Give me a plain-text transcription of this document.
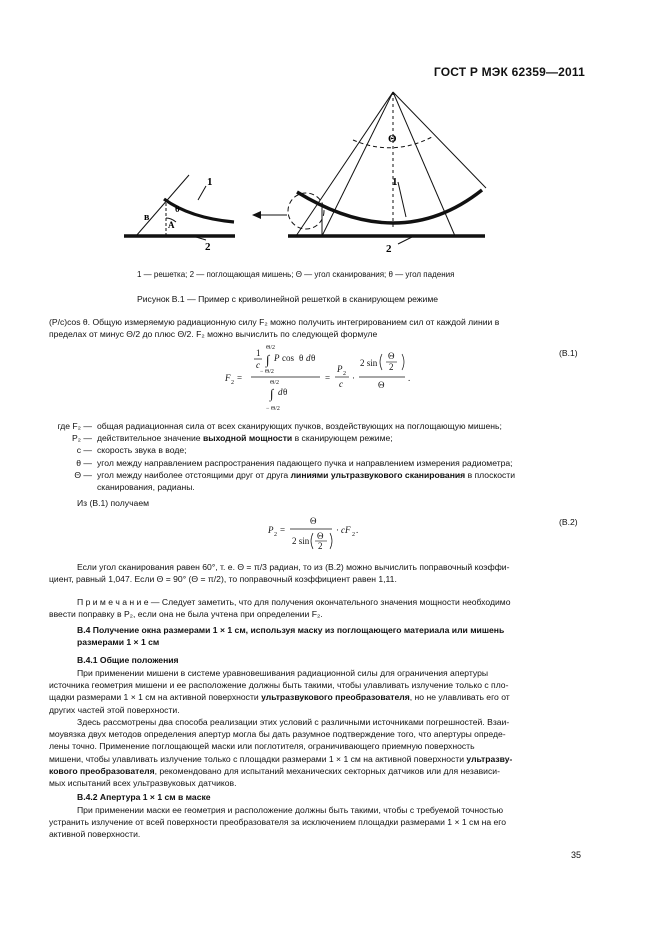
ГОСТ Р МЭК 62359—2011
1
2
в
А
θ
Θ
1
2
1 — решетка; 2 — поглощающая мишень; Θ — угол сканирования; θ — угол падения
Рисунок В.1 — Пример с криволинейной решеткой в сканирующем режиме
(P/c)cos θ. Общую измеряемую радиационную силу F₂ можно получить интегрированием сил от каждой линии в
пределах от минус Θ/2 до плюс Θ/2. F₂ можно вычислить по следующей формуле
F 2 =
1
c
Θ/2
∫ P cos θ d θ
− Θ/2
Θ/2
∫ d θ
− Θ/2
=
P 2
c
·
2 sin
Θ
2
Θ
.
(В.1)
где F₂ — общая радиационная сила от всех сканирующих пучков, воздействующих на поглощающую мишень;
P₂ — действительное значение выходной мощности в сканирующем режиме;
c — скорость звука в воде;
θ — угол между направлением распространения падающего пучка и направлением измерения радиометра;
Θ — угол между наиболее отстоящими друг от друга линиями ультразвукового сканирования в плоскости
сканирования, радианы.
Из (В.1) получаем
P 2 =
Θ
2 sin Θ
2
· cF 2 .
(В.2)
Если угол сканирования равен 60°, т. е. Θ = π/3 радиан, то из (В.2) можно вычислить поправочный коэффи-
циент, равный 1,047. Если Θ = 90° (Θ = π/2), то поправочный коэффициент равен 1,11.
П р и м е ч а н и е — Следует заметить, что для получения окончательного значения мощности необходимо
ввести поправку в P₂, если она не была учтена при определении F₂.
В.4 Получение окна размерами 1 × 1 см, используя маску из поглощающего материала или мишень
размерами 1 × 1 см
В.4.1 Общие положения
При применении мишени в системе уравновешивания радиационной силы для ограничения апертуры
источника геометрия мишени и ее расположение должны быть такими, чтобы улавливать излучение только с пло-
щадки размерами 1 × 1 см на активной поверхности ультразвукового преобразователя, но не улавливать его от
других частей этой поверхности.
Здесь рассмотрены два способа реализации этих условий с различными источниками погрешностей. Взаи-
моувязка двух методов определения апертур могла бы дать разумное подтверждение того, что апертуры опреде-
лены точно. Применение поглощающей маски или поглотителя, ограничивающего приемную поверхность
мишени, чтобы улавливать излучение только с площадки размерами 1 × 1 см на активной поверхности ультразву-
кового преобразователя, рекомендовано для испытаний механических секторных датчиков или для независи-
мых испытаний всех ультразвуковых датчиков.
В.4.2 Апертура 1 × 1 см в маске
При применении маски ее геометрия и расположение должны быть такими, чтобы с требуемой точностью
устранить излучение от всей поверхности преобразователя за исключением площадки размерами 1 × 1 см на его
активной поверхности.
35
